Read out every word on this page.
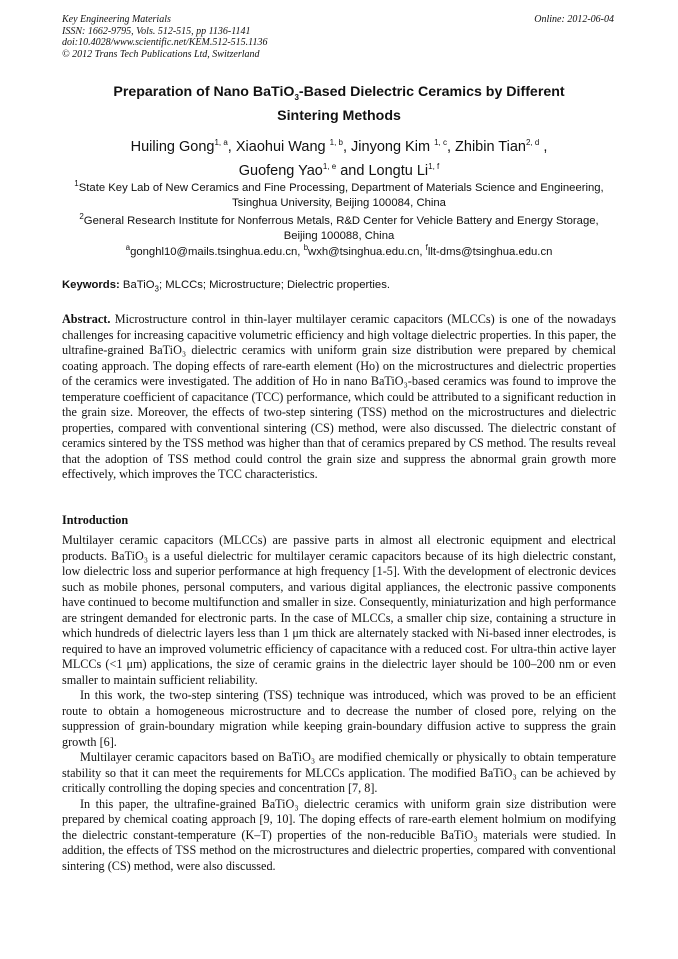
Key Engineering Materials
ISSN: 1662-9795, Vols. 512-515, pp 1136-1141
doi:10.4028/www.scientific.net/KEM.512-515.1136
© 2012 Trans Tech Publications Ltd, Switzerland
Online: 2012-06-04
Preparation of Nano BaTiO$_3$-Based Dielectric Ceramics by Different
Sintering Methods
Huiling Gong$^{1, a}$, Xiaohui Wang $^{1, b}$, Jinyong Kim $^{1, c}$, Zhibin Tian$^{2, d}$ ,
Guofeng Yao$^{1, e}$ and Longtu Li$^{1, f}$
$^1$State Key Lab of New Ceramics and Fine Processing, Department of Materials Science and Engineering, Tsinghua University, Beijing 100084, China
$^2$General Research Institute for Nonferrous Metals, R&D Center for Vehicle Battery and Energy Storage, Beijing 100088, China
$^a$gonghl10@mails.tsinghua.edu.cn, $^b$wxh@tsinghua.edu.cn, $^f$llt-dms@tsinghua.edu.cn
Keywords: BaTiO$_3$; MLCCs; Microstructure; Dielectric properties.

Abstract. Microstructure control in thin-layer multilayer ceramic capacitors (MLCCs) is one of the nowadays challenges for increasing capacitive volumetric efficiency and high voltage dielectric properties. In this paper, the ultrafine-grained BaTiO₃ dielectric ceramics with uniform grain size distribution were prepared by chemical coating approach. The doping effects of rare-earth element (Ho) on the microstructures and dielectric properties of the ceramics were investigated. The addition of Ho in nano BaTiO₃-based ceramics was found to improve the temperature coefficient of capacitance (TCC) performance, which could be attributed to a significant reduction in the grain size. Moreover, the effects of two-step sintering (TSS) method on the microstructures and dielectric properties, compared with conventional sintering (CS) method, were also discussed. The dielectric constant of ceramics sintered by the TSS method was higher than that of ceramics prepared by CS method. The results reveal that the adoption of TSS method could control the grain size and suppress the abnormal grain growth more effectively, which improves the TCC characteristics.

Introduction

Multilayer ceramic capacitors (MLCCs) are passive parts in almost all electronic equipment and electrical products. BaTiO₃ is a useful dielectric for multilayer ceramic capacitors because of its high dielectric constant, low dielectric loss and superior performance at high frequency [1-5]. With the development of electronic devices such as mobile phones, personal computers, and various digital appliances, the electronic passive components have continued to become multifunction and smaller in size. Consequently, miniaturization and high performance are stringent demanded for electronic parts. In the case of MLCCs, a smaller chip size, containing a structure in which hundreds of dielectric layers less than 1 μm thick are alternately stacked with Ni-based inner electrodes, is required to have an improved volumetric efficiency of capacitance with a reduced cost. For ultra-thin active layer MLCCs (<1 μm) applications, the size of ceramic grains in the dielectric layer should be 100–200 nm or even smaller to maintain sufficient reliability.

In this work, the two-step sintering (TSS) technique was introduced, which was proved to be an efficient route to obtain a homogeneous microstructure and to decrease the number of closed pore, relying on the suppression of grain-boundary migration while keeping grain-boundary diffusion active to suppress the grain growth [6].

Multilayer ceramic capacitors based on BaTiO₃ are modified chemically or physically to obtain temperature stability so that it can meet the requirements for MLCCs application. The modified BaTiO₃ can be achieved by critically controlling the doping species and concentration [7, 8].

In this paper, the ultrafine-grained BaTiO₃ dielectric ceramics with uniform grain size distribution were prepared by chemical coating approach [9, 10]. The doping effects of rare-earth element holmium on modifying the dielectric constant-temperature (K–T) properties of the non-reducible BaTiO₃ materials were studied. In addition, the effects of TSS method on the microstructures and dielectric properties, compared with conventional sintering (CS) method, were also discussed.
